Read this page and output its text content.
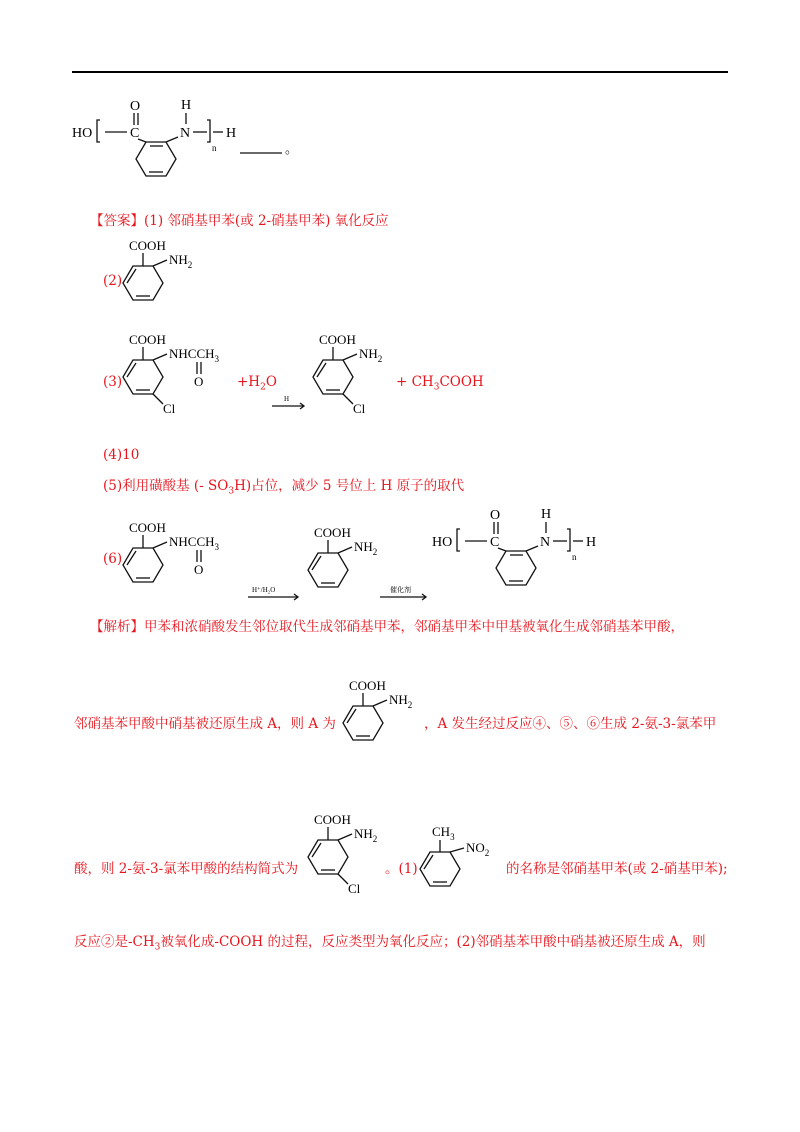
HO	C
O
N
H
n
H
。
【答案】(1) 邻硝基甲苯(或 2-硝基甲苯) 氧化反应
(2)
COOH
$NH_2$
(3)
COOH
$NHCCH_3$
O
Cl
$+H_2O$
H
COOH
$NH_2$
Cl
+ $CH_3COOH$
(4)10
(5)利用磺酸基 (- $SO_3H$)占位，减少 5 号位上 H 原子的取代
(6)
COOH
$NHCCH_3$
O
H⁺/H₂O
COOH
$NH_2$
催化剂
HO	C
O
N
H
n
H
【解析】甲苯和浓硝酸发生邻位取代生成邻硝基甲苯，邻硝基甲苯中甲基被氧化生成邻硝基苯甲酸，
邻硝基苯甲酸中硝基被还原生成 A，则 A 为
COOH
$NH_2$
，A 发生经过反应④、⑤、⑥生成 2-氨-3-氯苯甲
酸，则 2-氨-3-氯苯甲酸的结构简式为
COOH
$NH_2$
Cl
。(1)
$CH_3$
$NO_2$
的名称是邻硝基甲苯(或 2-硝基甲苯);
反应②是$-CH_3$被氧化成-COOH 的过程，反应类型为氧化反应；(2)邻硝基苯甲酸中硝基被还原生成 A，则
